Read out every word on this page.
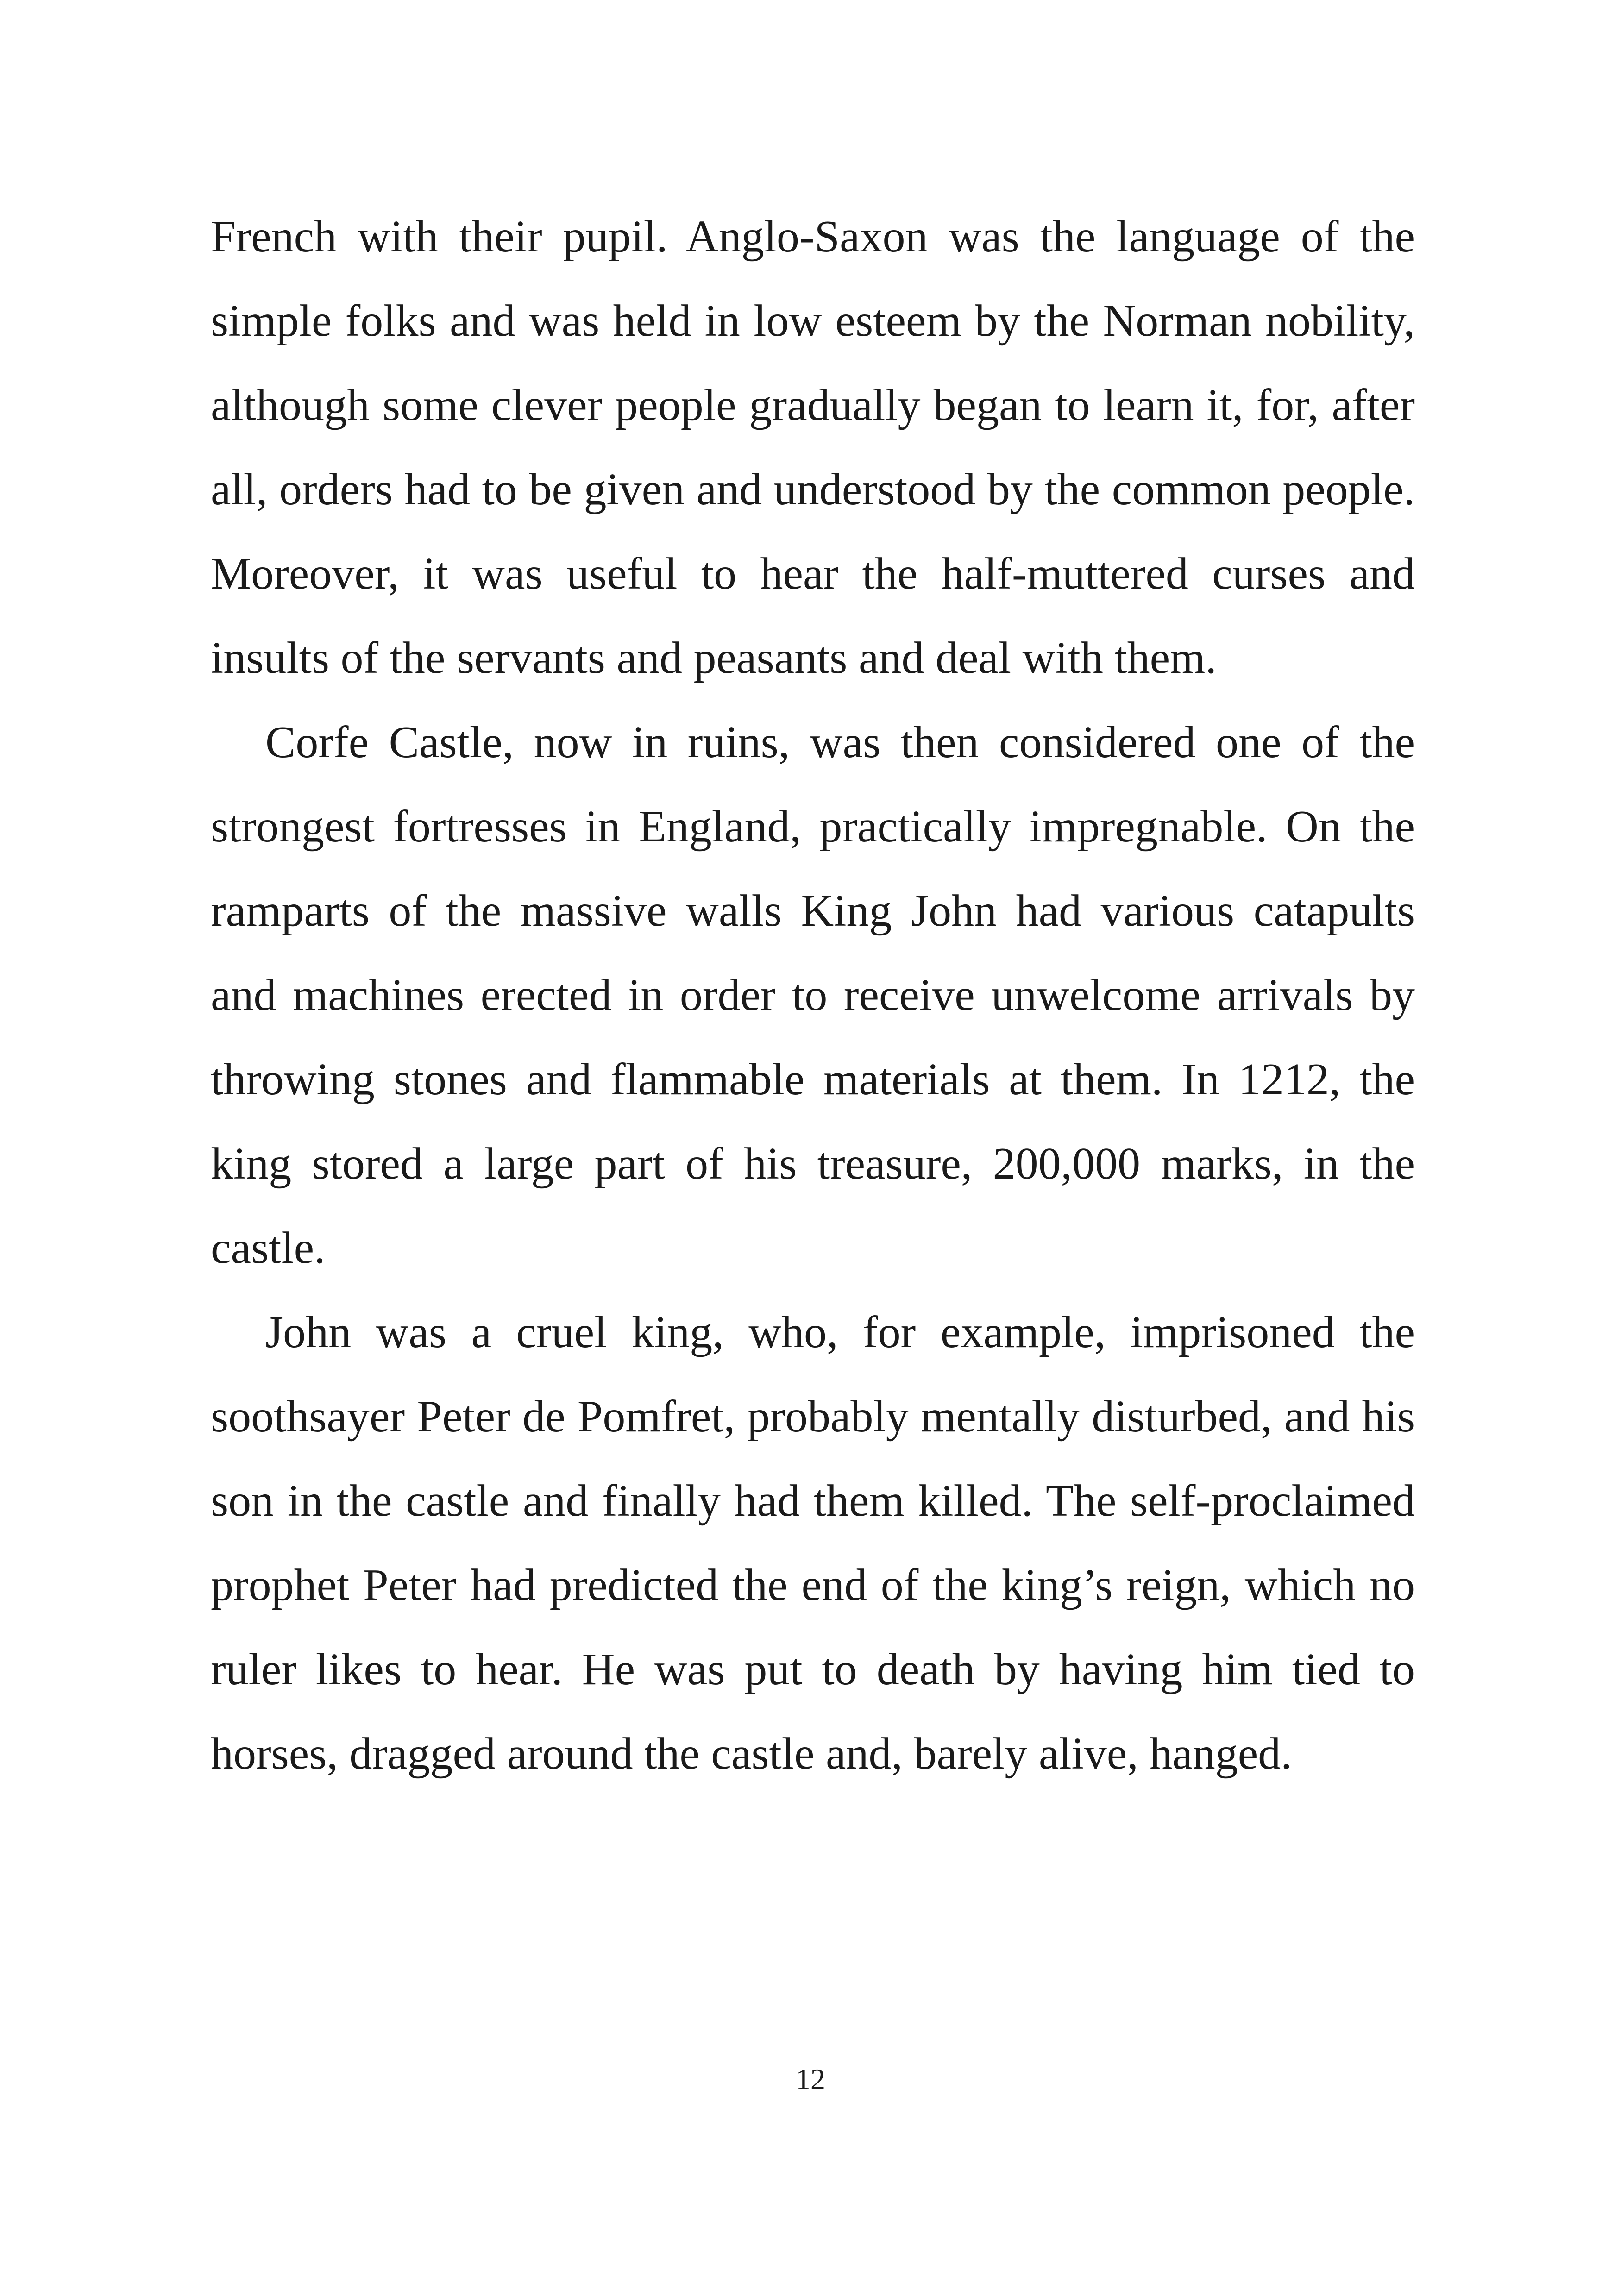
French with their pupil. Anglo-Saxon was the language of the simple folks and was held in low esteem by the Norman nobility, although some clever people gradually began to learn it, for, after all, orders had to be given and understood by the common people. Moreover, it was useful to hear the half-muttered curses and insults of the servants and peasants and deal with them.

Corfe Castle, now in ruins, was then considered one of the strongest fortresses in England, practically impregnable. On the ramparts of the massive walls King John had various catapults and machines erected in order to receive unwelcome arrivals by throwing stones and flammable materials at them. In 1212, the king stored a large part of his treasure, 200,000 marks, in the castle.

John was a cruel king, who, for example, imprisoned the soothsayer Peter de Pomfret, probably mentally disturbed, and his son in the castle and finally had them killed. The self-proclaimed prophet Peter had predicted the end of the king’s reign, which no ruler likes to hear. He was put to death by having him tied to horses, dragged around the castle and, barely alive, hanged.

12
